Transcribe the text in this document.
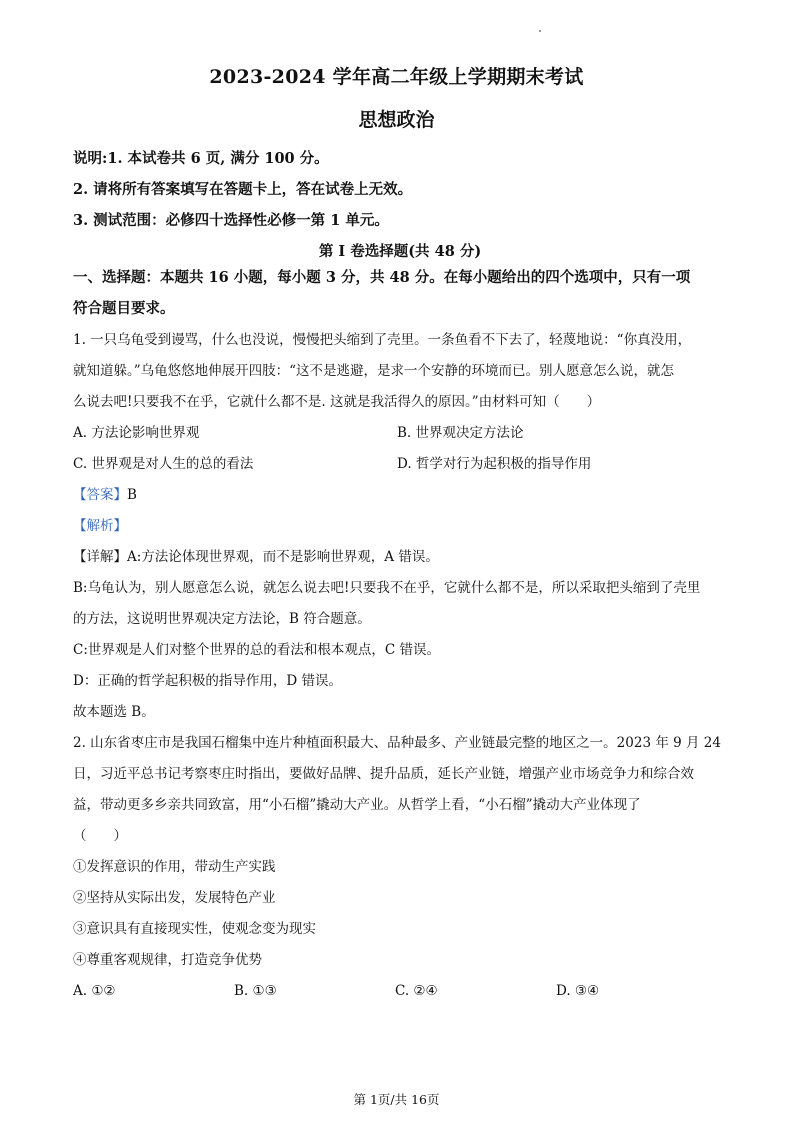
2023-2024 学年高二年级上学期期末考试
思想政治
说明:1. 本试卷共 6 页, 满分 100 分。
2. 请将所有答案填写在答题卡上，答在试卷上无效。
3. 测试范围：必修四十选择性必修一第 1 单元。
第 I 卷选择题(共 48 分)
一、选择题：本题共 16 小题，每小题 3 分，共 48 分。在每小题给出的四个选项中，只有一项
符合题目要求。
1. 一只乌龟受到谩骂，什么也没说，慢慢把头缩到了壳里。一条鱼看不下去了，轻蔑地说：“你真没用，
就知道躲。”乌龟悠悠地伸展开四肢：“这不是逃避，是求一个安静的环境而已。别人愿意怎么说，就怎
么说去吧!只要我不在乎，它就什么都不是. 这就是我活得久的原因。”由材料可知（　　）
A. 方法论影响世界观	B. 世界观决定方法论
C. 世界观是对人生的总的看法	D. 哲学对行为起积极的指导作用
【答案】B
【解析】
【详解】A:方法论体现世界观，而不是影响世界观，A 错误。
B:乌龟认为，别人愿意怎么说，就怎么说去吧!只要我不在乎，它就什么都不是，所以采取把头缩到了壳里
的方法，这说明世界观决定方法论，B 符合题意。
C:世界观是人们对整个世界的总的看法和根本观点，C 错误。
D：正确的哲学起积极的指导作用，D 错误。
故本题选 B。
2. 山东省枣庄市是我国石榴集中连片种植面积最大、品种最多、产业链最完整的地区之一。2023 年 9 月 24
日，习近平总书记考察枣庄时指出，要做好品牌、提升品质，延长产业链，增强产业市场竞争力和综合效
益，带动更多乡亲共同致富，用“小石榴”撬动大产业。从哲学上看，“小石榴”撬动大产业体现了
（　　）
①发挥意识的作用，带动生产实践
②坚持从实际出发，发展特色产业
③意识具有直接现实性，使观念变为现实
④尊重客观规律，打造竞争优势
A. ①②	B. ①③	C. ②④	D. ③④
第 1页/共 16页
